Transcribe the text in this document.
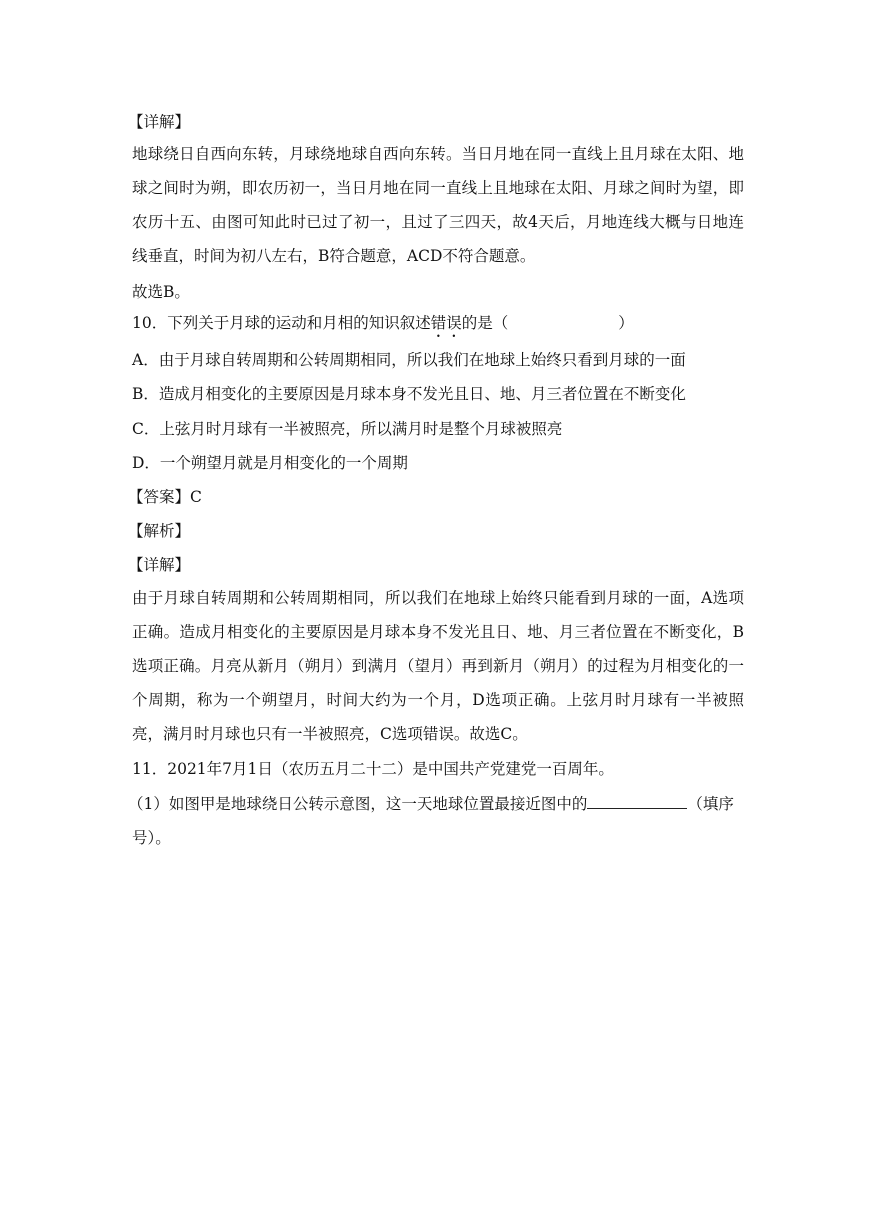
【详解】
地球绕日自西向东转，月球绕地球自西向东转。当日月地在同一直线上且月球在太阳、地球之间时为朔，即农历初一，当日月地在同一直线上且地球在太阳、月球之间时为望，即农历十五、由图可知此时已过了初一，且过了三四天，故4天后，月地连线大概与日地连线垂直，时间为初八左右，B符合题意，ACD不符合题意。
故选B。
10．下列关于月球的运动和月相的知识叙述错误的是（	）
A．由于月球自转周期和公转周期相同，所以我们在地球上始终只看到月球的一面
B．造成月相变化的主要原因是月球本身不发光且日、地、月三者位置在不断变化
C．上弦月时月球有一半被照亮，所以满月时是整个月球被照亮
D．一个朔望月就是月相变化的一个周期
【答案】C
【解析】
【详解】
由于月球自转周期和公转周期相同，所以我们在地球上始终只能看到月球的一面，A选项正确。造成月相变化的主要原因是月球本身不发光且日、地、月三者位置在不断变化，B选项正确。月亮从新月（朔月）到满月（望月）再到新月（朔月）的过程为月相变化的一个周期，称为一个朔望月，时间大约为一个月，D选项正确。上弦月时月球有一半被照亮，满月时月球也只有一半被照亮，C选项错误。故选C。
11．2021年7月1日（农历五月二十二）是中国共产党建党一百周年。
（1）如图甲是地球绕日公转示意图，这一天地球位置最接近图中的	（填序
号）。
